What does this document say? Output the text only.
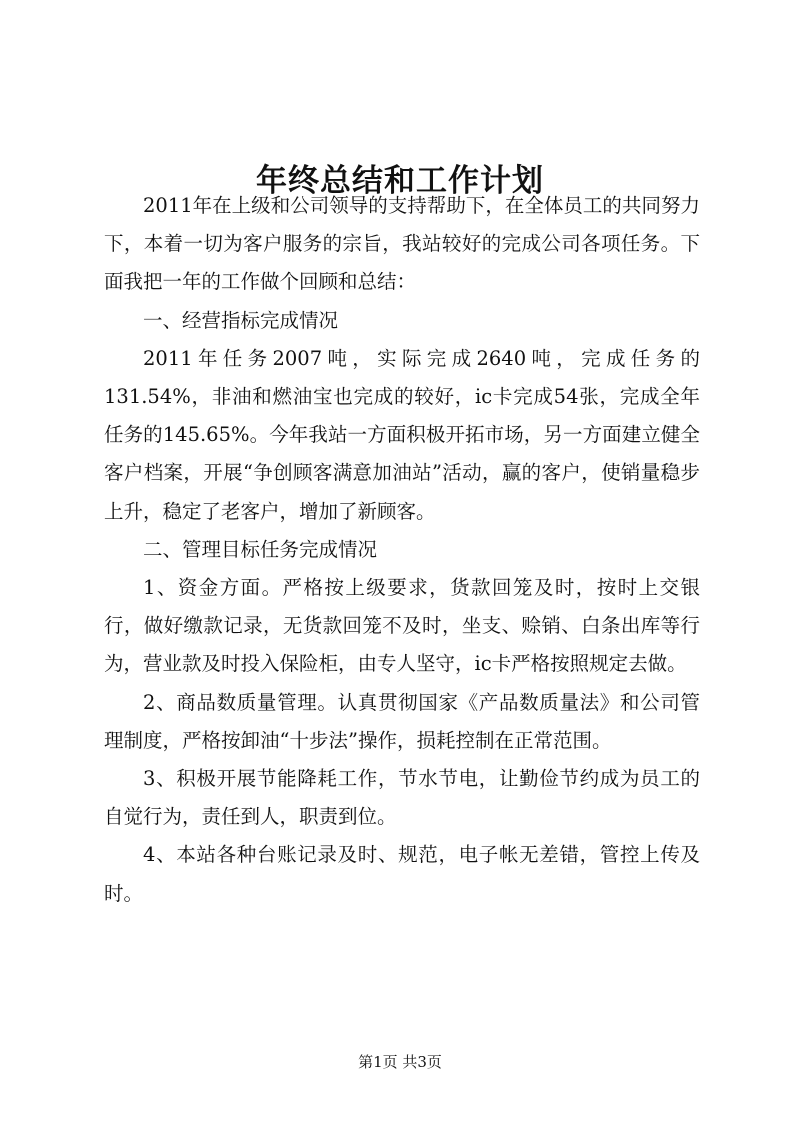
年终总结和工作计划

2011年在上级和公司领导的支持帮助下，在全体员工的共同努力下，本着一切为客户服务的宗旨，我站较好的完成公司各项任务。下面我把一年的工作做个回顾和总结：

一、经营指标完成情况

2011年任务2007吨，实际完成2640吨，完成任务的131.54%，非油和燃油宝也完成的较好，ic卡完成54张，完成全年任务的145.65%。今年我站一方面积极开拓市场，另一方面建立健全客户档案，开展“争创顾客满意加油站”活动，赢的客户，使销量稳步上升，稳定了老客户，增加了新顾客。

二、管理目标任务完成情况

1、资金方面。严格按上级要求，货款回笼及时，按时上交银行，做好缴款记录，无货款回笼不及时，坐支、赊销、白条出库等行为，营业款及时投入保险柜，由专人坚守，ic卡严格按照规定去做。

2、商品数质量管理。认真贯彻国家《产品数质量法》和公司管理制度，严格按卸油“十步法”操作，损耗控制在正常范围。

3、积极开展节能降耗工作，节水节电，让勤俭节约成为员工的自觉行为，责任到人，职责到位。

4、本站各种台账记录及时、规范，电子帐无差错，管控上传及时。

第1页 共3页
